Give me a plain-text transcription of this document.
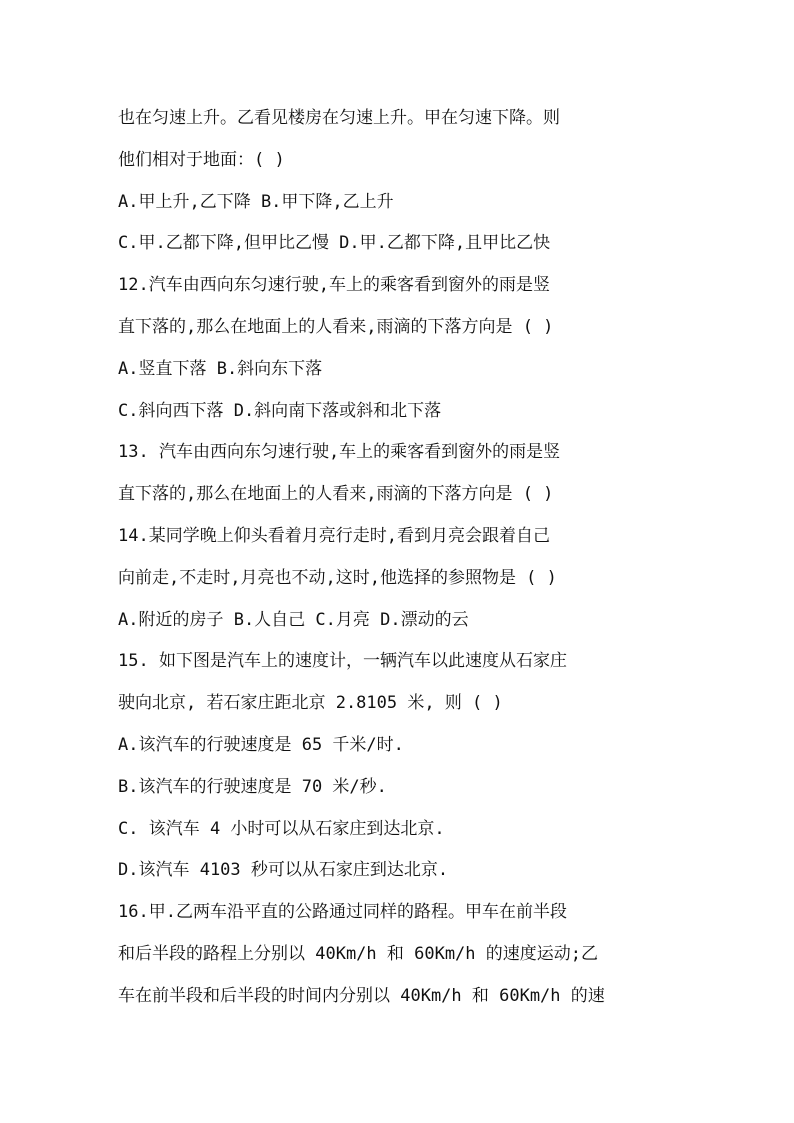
也在匀速上升。乙看见楼房在匀速上升。甲在匀速下降。则
他们相对于地面：( )
A.甲上升,乙下降 B.甲下降,乙上升
C.甲.乙都下降,但甲比乙慢 D.甲.乙都下降,且甲比乙快
12.汽车由西向东匀速行驶,车上的乘客看到窗外的雨是竖
直下落的,那么在地面上的人看来,雨滴的下落方向是 ( )
A.竖直下落 B.斜向东下落
C.斜向西下落 D.斜向南下落或斜和北下落
13. 汽车由西向东匀速行驶,车上的乘客看到窗外的雨是竖
直下落的,那么在地面上的人看来,雨滴的下落方向是 ( )
14.某同学晚上仰头看着月亮行走时,看到月亮会跟着自己
向前走,不走时,月亮也不动,这时,他选择的参照物是 ( )
A.附近的房子 B.人自己 C.月亮 D.漂动的云
15. 如下图是汽车上的速度计，一辆汽车以此速度从石家庄
驶向北京, 若石家庄距北京 2.8105 米, 则 ( )
A.该汽车的行驶速度是 65 千米/时.
B.该汽车的行驶速度是 70 米/秒.
C. 该汽车 4 小时可以从石家庄到达北京.
D.该汽车 4103 秒可以从石家庄到达北京.
16.甲.乙两车沿平直的公路通过同样的路程。甲车在前半段
和后半段的路程上分别以 40Km/h 和 60Km/h 的速度运动;乙
车在前半段和后半段的时间内分别以 40Km/h 和 60Km/h 的速
